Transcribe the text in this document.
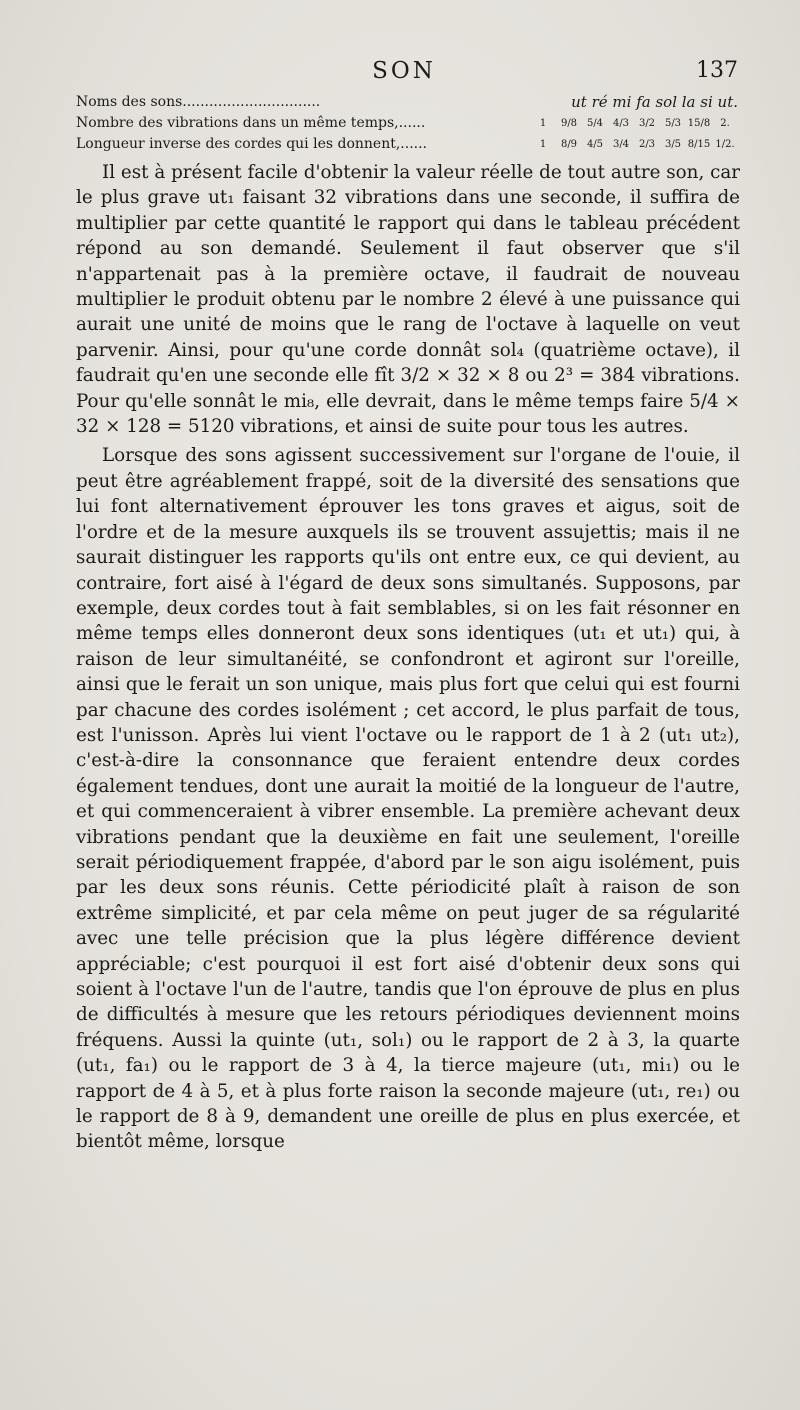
SON	137
Noms des sons...............................	ut ré mi fa sol la si ut.
Nombre des vibrations dans un même temps,......	1	9/8 5/4 4/3 3/2 5/3 15/8 2.
Longueur inverse des cordes qui les donnent,......	1	8/9 4/5 3/4 2/3 3/5 8/15 1/2.

Il est à présent facile d'obtenir la valeur réelle de tout autre son, car le plus grave ut₁ faisant 32 vibrations dans une seconde, il suffira de multiplier par cette quantité le rapport qui dans le tableau précédent répond au son demandé. Seulement il faut observer que s'il n'appartenait pas à la première octave, il faudrait de nouveau multiplier le produit obtenu par le nombre 2 élevé à une puissance qui aurait une unité de moins que le rang de l'octave à laquelle on veut parvenir. Ainsi, pour qu'une corde donnât sol₄ (quatrième octave), il faudrait qu'en une seconde elle fît 3/2 × 32 × 8 ou 2³ = 384 vibrations. Pour qu'elle sonnât le mi₈, elle devrait, dans le même temps faire 5/4 × 32 × 128 = 5120 vibrations, et ainsi de suite pour tous les autres.

Lorsque des sons agissent successivement sur l'organe de l'ouie, il peut être agréablement frappé, soit de la diversité des sensations que lui font alternativement éprouver les tons graves et aigus, soit de l'ordre et de la mesure auxquels ils se trouvent assujettis; mais il ne saurait distinguer les rapports qu'ils ont entre eux, ce qui devient, au contraire, fort aisé à l'égard de deux sons simultanés. Supposons, par exemple, deux cordes tout à fait semblables, si on les fait résonner en même temps elles donneront deux sons identiques (ut₁ et ut₁) qui, à raison de leur simultanéité, se confondront et agiront sur l'oreille, ainsi que le ferait un son unique, mais plus fort que celui qui est fourni par chacune des cordes isolément ; cet accord, le plus parfait de tous, est l'unisson. Après lui vient l'octave ou le rapport de 1 à 2 (ut₁ ut₂), c'est-à-dire la consonnance que feraient entendre deux cordes également tendues, dont une aurait la moitié de la longueur de l'autre, et qui commenceraient à vibrer ensemble. La première achevant deux vibrations pendant que la deuxième en fait une seulement, l'oreille serait périodiquement frappée, d'abord par le son aigu isolément, puis par les deux sons réunis. Cette périodicité plaît à raison de son extrême simplicité, et par cela même on peut juger de sa régularité avec une telle précision que la plus légère différence devient appréciable; c'est pourquoi il est fort aisé d'obtenir deux sons qui soient à l'octave l'un de l'autre, tandis que l'on éprouve de plus en plus de difficultés à mesure que les retours périodiques deviennent moins fréquens. Aussi la quinte (ut₁, sol₁) ou le rapport de 2 à 3, la quarte (ut₁, fa₁) ou le rapport de 3 à 4, la tierce majeure (ut₁, mi₁) ou le rapport de 4 à 5, et à plus forte raison la seconde majeure (ut₁, re₁) ou le rapport de 8 à 9, demandent une oreille de plus en plus exercée, et bientôt même, lorsque
